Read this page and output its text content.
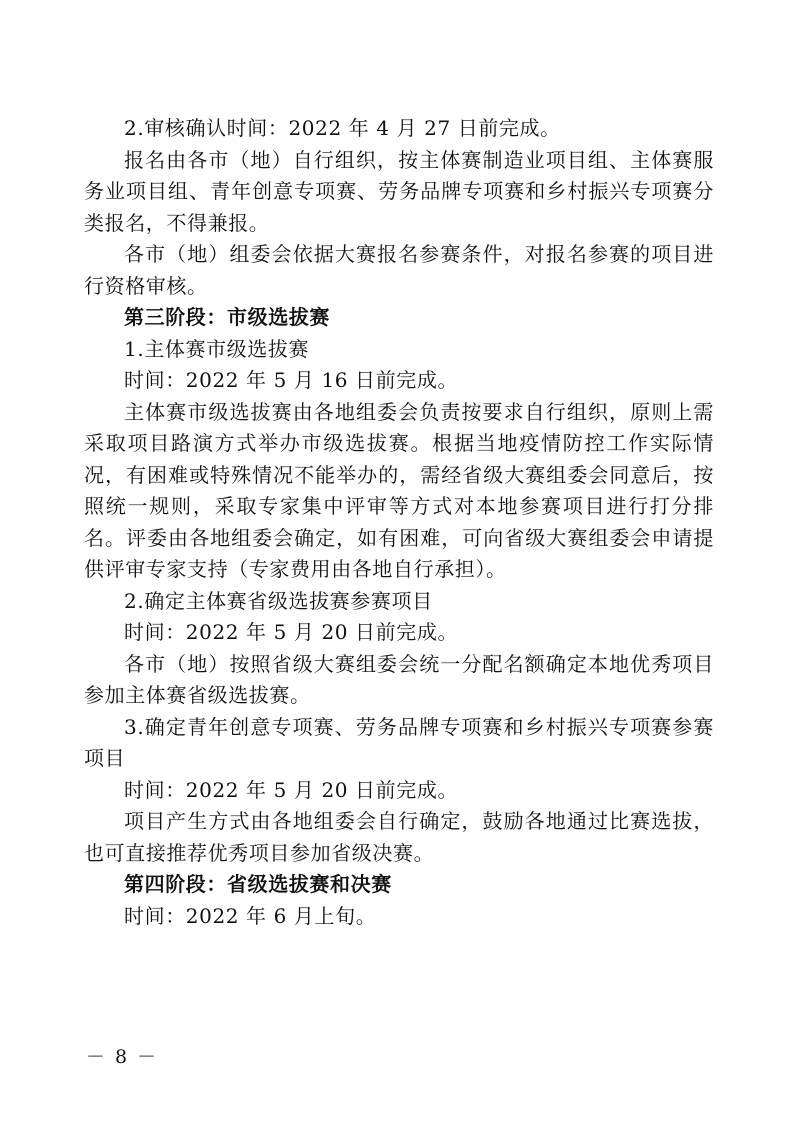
2.审核确认时间：2022 年 4 月 27 日前完成。

报名由各市（地）自行组织，按主体赛制造业项目组、主体赛服务业项目组、青年创意专项赛、劳务品牌专项赛和乡村振兴专项赛分类报名，不得兼报。

各市（地）组委会依据大赛报名参赛条件，对报名参赛的项目进行资格审核。

第三阶段：市级选拔赛

1.主体赛市级选拔赛

时间：2022 年 5 月 16 日前完成。

主体赛市级选拔赛由各地组委会负责按要求自行组织，原则上需采取项目路演方式举办市级选拔赛。根据当地疫情防控工作实际情况，有困难或特殊情况不能举办的，需经省级大赛组委会同意后，按照统一规则，采取专家集中评审等方式对本地参赛项目进行打分排名。评委由各地组委会确定，如有困难，可向省级大赛组委会申请提供评审专家支持（专家费用由各地自行承担）。

2.确定主体赛省级选拔赛参赛项目

时间：2022 年 5 月 20 日前完成。

各市（地）按照省级大赛组委会统一分配名额确定本地优秀项目参加主体赛省级选拔赛。

3.确定青年创意专项赛、劳务品牌专项赛和乡村振兴专项赛参赛项目

时间：2022 年 5 月 20 日前完成。

项目产生方式由各地组委会自行确定，鼓励各地通过比赛选拔，也可直接推荐优秀项目参加省级决赛。

第四阶段：省级选拔赛和决赛

时间：2022 年 6 月上旬。

－ 8 －
